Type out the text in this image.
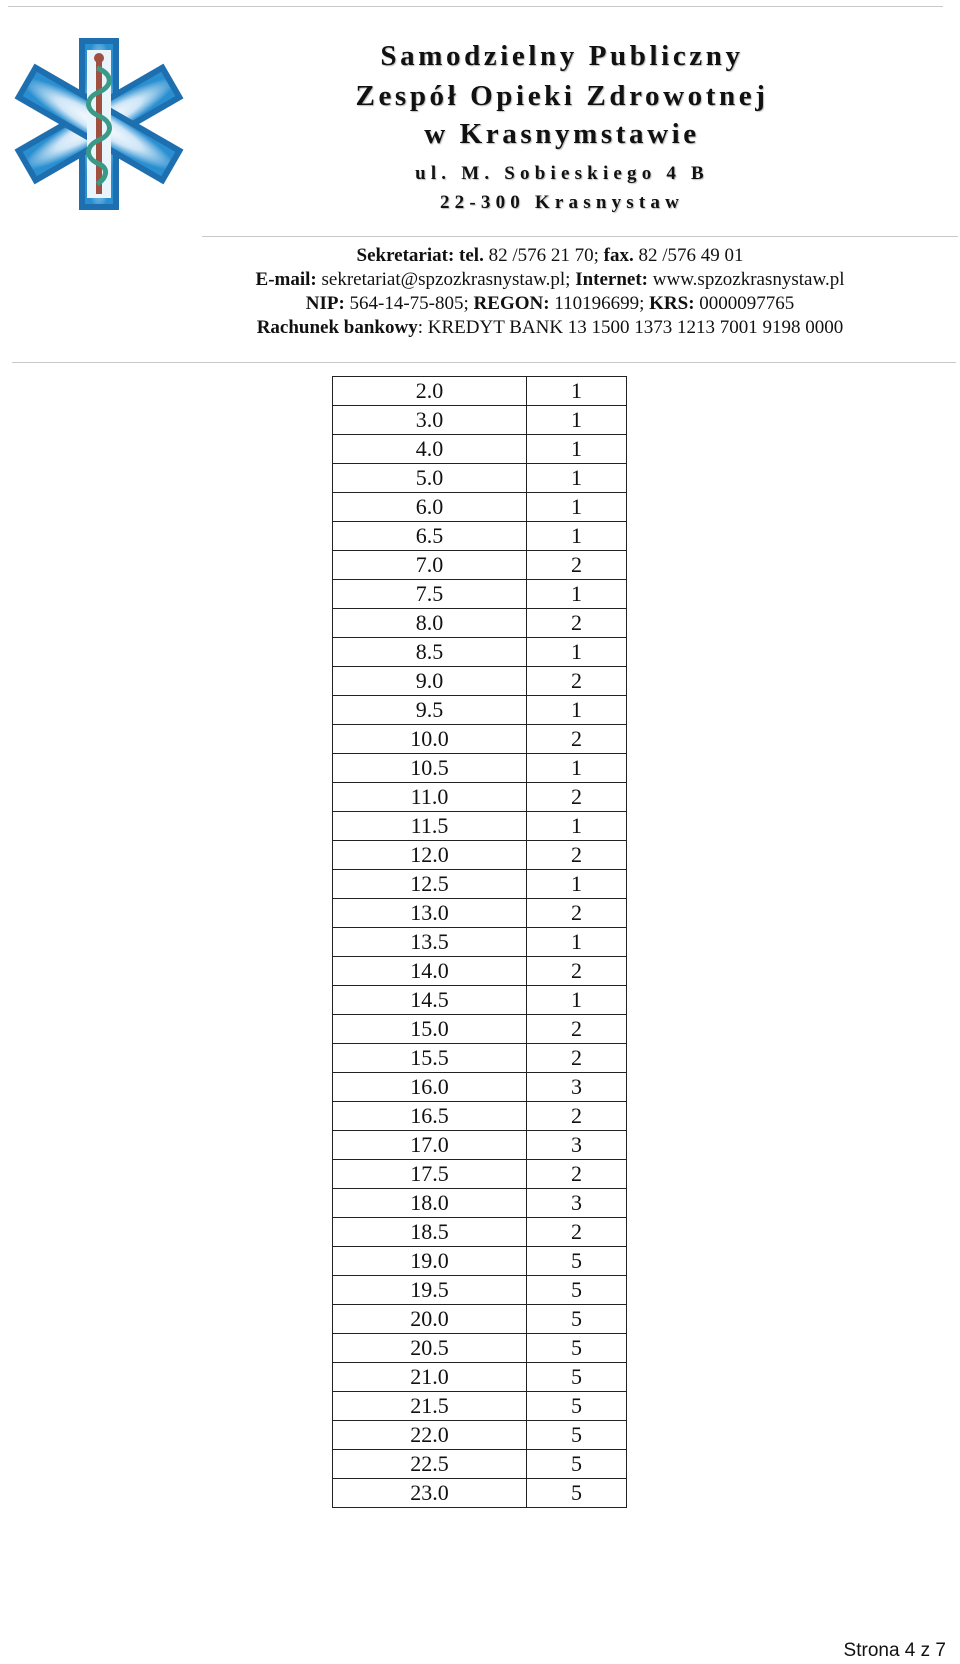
Samodzielny Publiczny
Zespół Opieki Zdrowotnej
w Krasnymstawie
ul. M. Sobieskiego 4 B
22-300 Krasnystaw
Sekretariat: tel. 82 /576 21 70; fax. 82 /576 49 01
E-mail: sekretariat@spzozkrasnystaw.pl; Internet: www.spzozkrasnystaw.pl
NIP: 564-14-75-805; REGON: 110196699; KRS: 0000097765
Rachunek bankowy: KREDYT BANK 13 1500 1373 1213 7001 9198 0000
2.0	1
3.0	1
4.0	1
5.0	1
6.0	1
6.5	1
7.0	2
7.5	1
8.0	2
8.5	1
9.0	2
9.5	1
10.0	2
10.5	1
11.0	2
11.5	1
12.0	2
12.5	1
13.0	2
13.5	1
14.0	2
14.5	1
15.0	2
15.5	2
16.0	3
16.5	2
17.0	3
17.5	2
18.0	3
18.5	2
19.0	5
19.5	5
20.0	5
20.5	5
21.0	5
21.5	5
22.0	5
22.5	5
23.0	5
Strona 4 z 7
